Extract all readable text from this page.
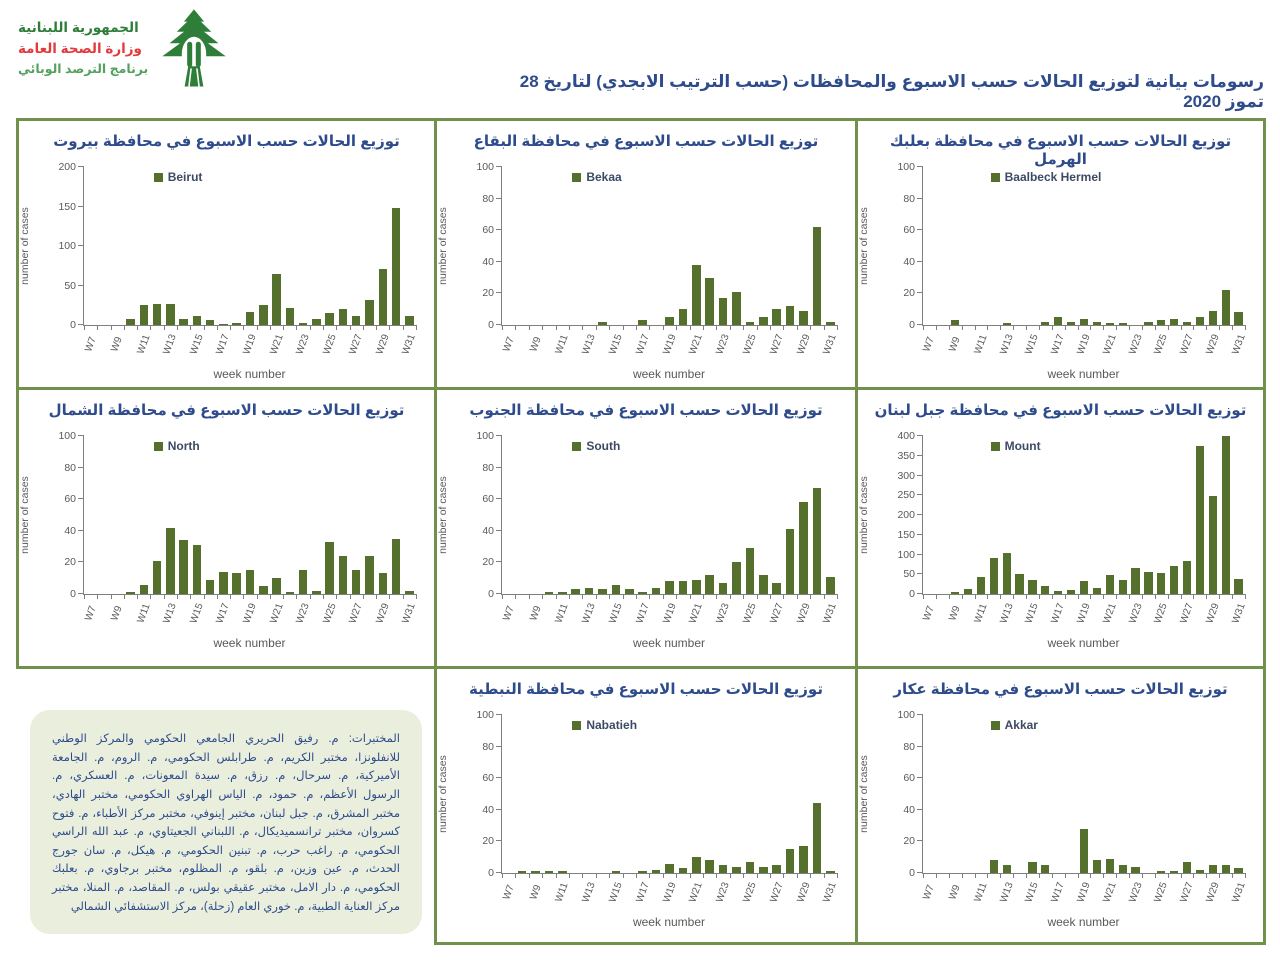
الجمهورية اللبنانية
وزارة الصحة العامة
برنامج الترصد الوبائي
رسومات بيانية لتوزيع الحالات حسب الاسبوع والمحافظات (حسب الترتيب الابجدي) لتاريخ 28 تموز 2020
توزيع الحالات حسب الاسبوع في محافظة بيروت
number of cases
0
50
100
150
200
W7 W9 W11 W13 W15 W17 W19 W21 W23 W25 W27 W29 W31
Beirut
week number
توزيع الحالات حسب الاسبوع في محافظة البقاع
number of cases
0
20
40
60
80
100
W7 W9 W11 W13 W15 W17 W19 W21 W23 W25 W27 W29 W31
Bekaa
week number
توزيع الحالات حسب الاسبوع في محافظة بعلبك الهرمل
number of cases
0
20
40
60
80
100
W7 W9 W11 W13 W15 W17 W19 W21 W23 W25 W27 W29 W31
Baalbeck Hermel
week number
توزيع الحالات حسب الاسبوع في محافظة الشمال
number of cases
0
20
40
60
80
100
W7 W9 W11 W13 W15 W17 W19 W21 W23 W25 W27 W29 W31
North
week number
توزيع الحالات حسب الاسبوع في محافظة الجنوب
number of cases
0
20
40
60
80
100
W7 W9 W11 W13 W15 W17 W19 W21 W23 W25 W27 W29 W31
South
week number
توزيع الحالات حسب الاسبوع في محافظة جبل لبنان
number of cases
0
50
100
150
200
250
300
350
400
W7 W9 W11 W13 W15 W17 W19 W21 W23 W25 W27 W29 W31
Mount
week number
المختبرات: م. رفيق الحريري الجامعي الحكومي والمركز الوطني للانفلونزا، مختبر الكريم، م. طرابلس الحكومي، م. الروم، م. الجامعة الأميركية، م. سرحال، م. رزق، م. سيدة المعونات، م. العسكري، م. الرسول الأعظم، م. حمود، م. الياس الهراوي الحكومي، مختبر الهادي، مختبر المشرق، م. جبل لبنان، مختبر إينوفي، مختبر مركز الأطباء، م. فتوح كسروان، مختبر ترانسميديكال، م. اللبناني الجعيتاوي، م. عبد الله الراسي الحكومي، م. راغب حرب، م. تبنين الحكومي، م. هيكل، م. سان جورج الحدث، م. عين وزين، م. بلقو، م. المظلوم، مختبر برجاوي، م. بعلبك الحكومي، م. دار الامل، مختبر عقيقي بولس، م. المقاصد، م. المنلا، مختبر مركز العناية الطبية، م. خوري العام (زحلة)، مركز الاستشفائي الشمالي
توزيع الحالات حسب الاسبوع في محافظة النبطية
number of cases
0
20
40
60
80
100
W7 W9 W11 W13 W15 W17 W19 W21 W23 W25 W27 W29 W31
Nabatieh
week number
توزيع الحالات حسب الاسبوع في محافظة عكار
number of cases
0
20
40
60
80
100
W7 W9 W11 W13 W15 W17 W19 W21 W23 W25 W27 W29 W31
Akkar
week number
